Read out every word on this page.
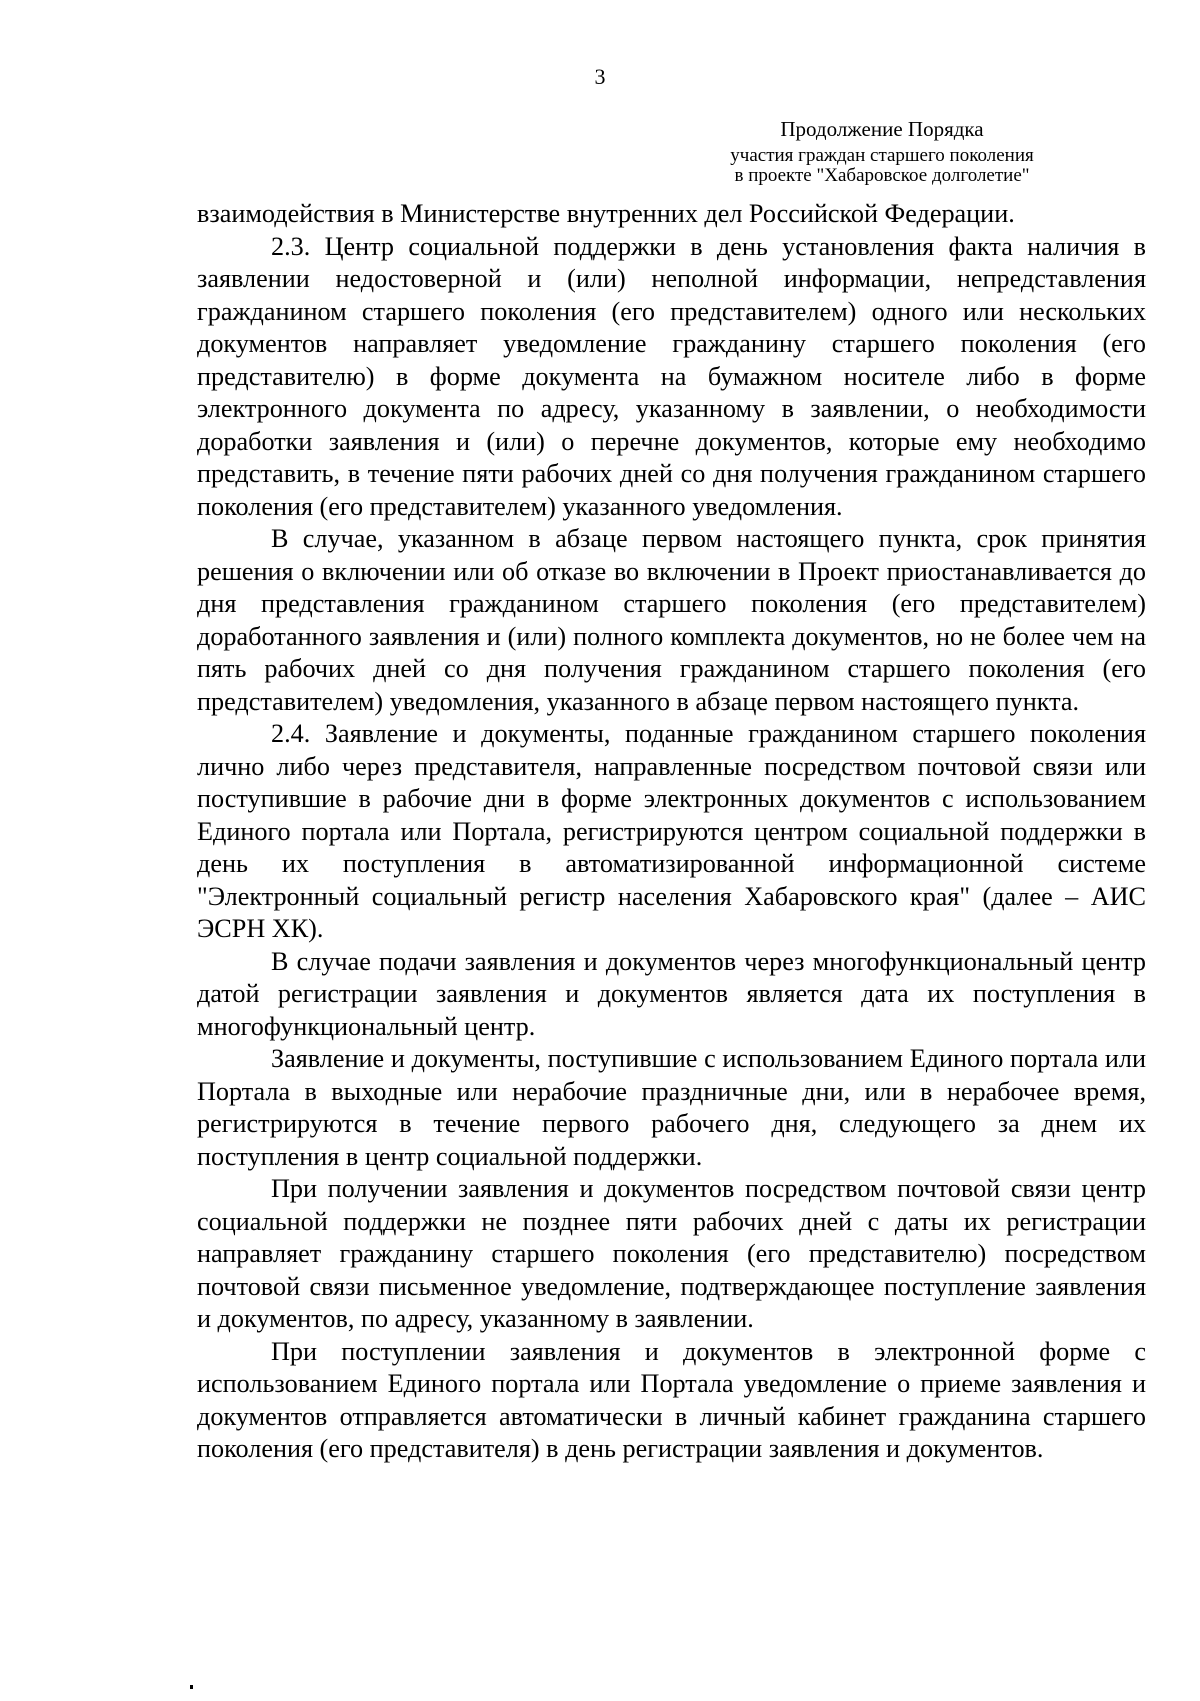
3
Продолжение Порядка
участия граждан старшего поколения
в проекте "Хабаровское долголетие"

взаимодействия в Министерстве внутренних дел Российской Федерации.

2.3. Центр социальной поддержки в день установления факта наличия в заявлении недостоверной и (или) неполной информации, непредставления гражданином старшего поколения (его представителем) одного или нескольких документов направляет уведомление гражданину старшего поколения (его представителю) в форме документа на бумажном носителе либо в форме электронного документа по адресу, указанному в заявлении, о необходимости доработки заявления и (или) о перечне документов, которые ему необходимо представить, в течение пяти рабочих дней со дня получения гражданином старшего поколения (его представителем) указанного уведомления.

В случае, указанном в абзаце первом настоящего пункта, срок принятия решения о включении или об отказе во включении в Проект приостанавливается до дня представления гражданином старшего поколения (его представителем) доработанного заявления и (или) полного комплекта документов, но не более чем на пять рабочих дней со дня получения гражданином старшего поколения (его представителем) уведомления, указанного в абзаце первом настоящего пункта.

2.4. Заявление и документы, поданные гражданином старшего поколения лично либо через представителя, направленные посредством почтовой связи или поступившие в рабочие дни в форме электронных документов с использованием Единого портала или Портала, регистрируются центром социальной поддержки в день их поступления в автоматизированной информационной системе "Электронный социальный регистр населения Хабаровского края" (далее – АИС ЭСРН ХК).

В случае подачи заявления и документов через многофункциональный центр датой регистрации заявления и документов является дата их поступления в многофункциональный центр.

Заявление и документы, поступившие с использованием Единого портала или Портала в выходные или нерабочие праздничные дни, или в нерабочее время, регистрируются в течение первого рабочего дня, следующего за днем их поступления в центр социальной поддержки.

При получении заявления и документов посредством почтовой связи центр социальной поддержки не позднее пяти рабочих дней с даты их регистрации направляет гражданину старшего поколения (его представителю) посредством почтовой связи письменное уведомление, подтверждающее поступление заявления и документов, по адресу, указанному в заявлении.

При поступлении заявления и документов в электронной форме с использованием Единого портала или Портала уведомление о приеме заявления и документов отправляется автоматически в личный кабинет гражданина старшего поколения (его представителя) в день регистрации заявления и документов.
